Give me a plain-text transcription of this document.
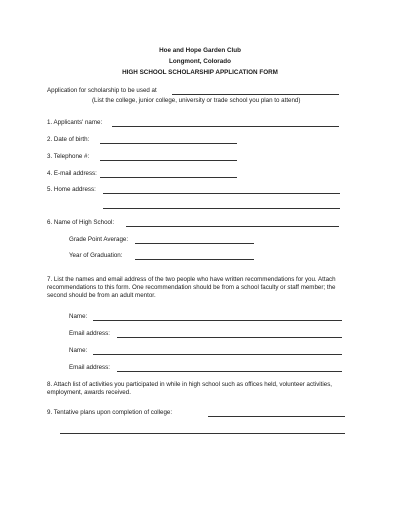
Hoe and Hope Garden Club
Longmont, Colorado
HIGH SCHOOL SCHOLARSHIP APPLICATION FORM
Application for scholarship to be used at
(List the college, junior college, university or trade school you plan to attend)
1. Applicants' name:
2. Date of birth:
3. Telephone #:
4. E-mail address:
5. Home address:
6. Name of High School:
Grade Point Average:
Year of Graduation:
7. List the names and email address of the two people who have written recommendations for you. Attach recommendations to this form. One recommendation should be from a school faculty or staff member; the second should be from an adult mentor.
Name:
Email address:
Name:
Email address:
8. Attach list of activities you participated in while in high school such as offices held, volunteer activities, employment, awards received.
9. Tentative plans upon completion of college:
